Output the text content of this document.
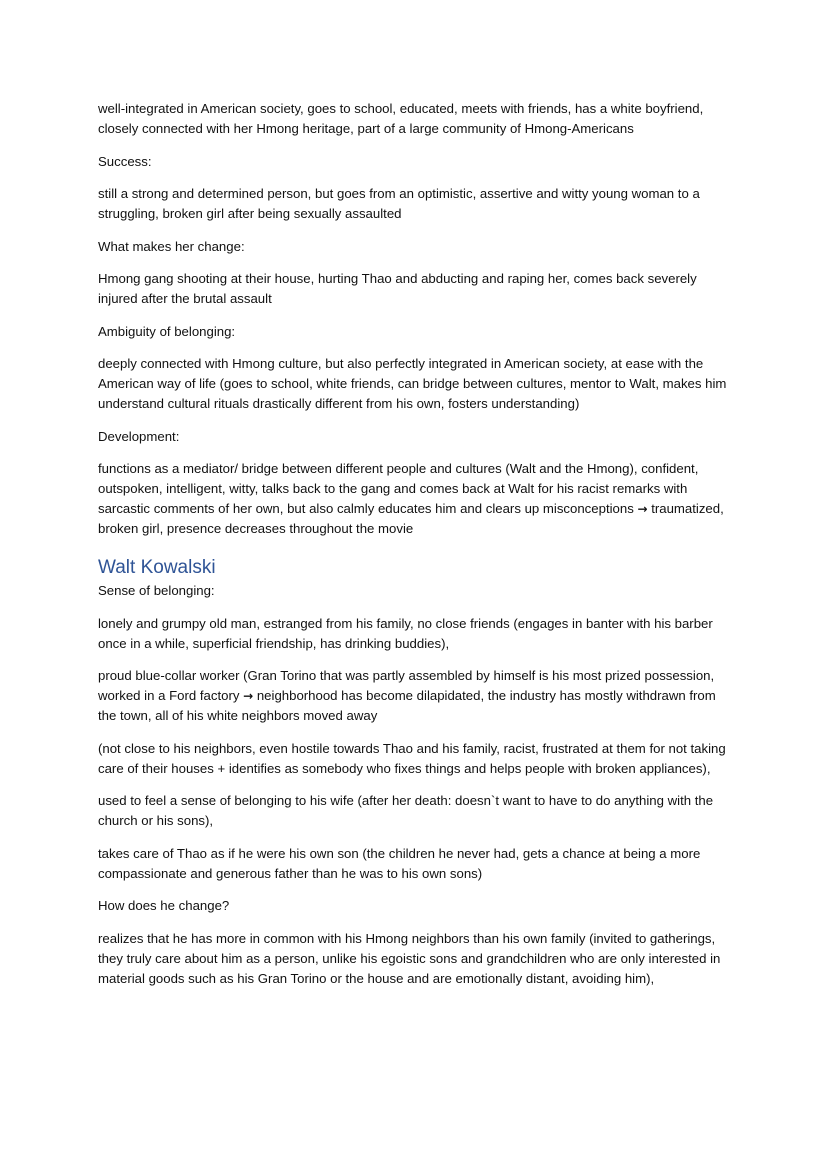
well-integrated in American society, goes to school, educated, meets with friends, has a white boyfriend, closely connected with her Hmong heritage, part of a large community of Hmong-Americans

Success:

still a strong and determined person, but goes from an optimistic, assertive and witty young woman to a struggling, broken girl after being sexually assaulted

What makes her change:

Hmong gang shooting at their house, hurting Thao and abducting and raping her, comes back severely injured after the brutal assault

Ambiguity of belonging:

deeply connected with Hmong culture, but also perfectly integrated in American society, at ease with the American way of life (goes to school, white friends, can bridge between cultures, mentor to Walt, makes him understand cultural rituals drastically different from his own, fosters understanding)

Development:

functions as a mediator/ bridge between different people and cultures (Walt and the Hmong), confident, outspoken, intelligent, witty, talks back to the gang and comes back at Walt for his racist remarks with sarcastic comments of her own, but also calmly educates him and clears up misconceptions → traumatized, broken girl, presence decreases throughout the movie

Walt Kowalski

Sense of belonging:

lonely and grumpy old man, estranged from his family, no close friends (engages in banter with his barber once in a while, superficial friendship, has drinking buddies),

proud blue-collar worker (Gran Torino that was partly assembled by himself is his most prized possession, worked in a Ford factory → neighborhood has become dilapidated, the industry has mostly withdrawn from the town, all of his white neighbors moved away

(not close to his neighbors, even hostile towards Thao and his family, racist, frustrated at them for not taking care of their houses + identifies as somebody who fixes things and helps people with broken appliances),

used to feel a sense of belonging to his wife (after her death: doesn`t want to have to do anything with the church or his sons),

takes care of Thao as if he were his own son (the children he never had, gets a chance at being a more compassionate and generous father than he was to his own sons)

How does he change?

realizes that he has more in common with his Hmong neighbors than his own family (invited to gatherings, they truly care about him as a person, unlike his egoistic sons and grandchildren who are only interested in material goods such as his Gran Torino or the house and are emotionally distant, avoiding him),
